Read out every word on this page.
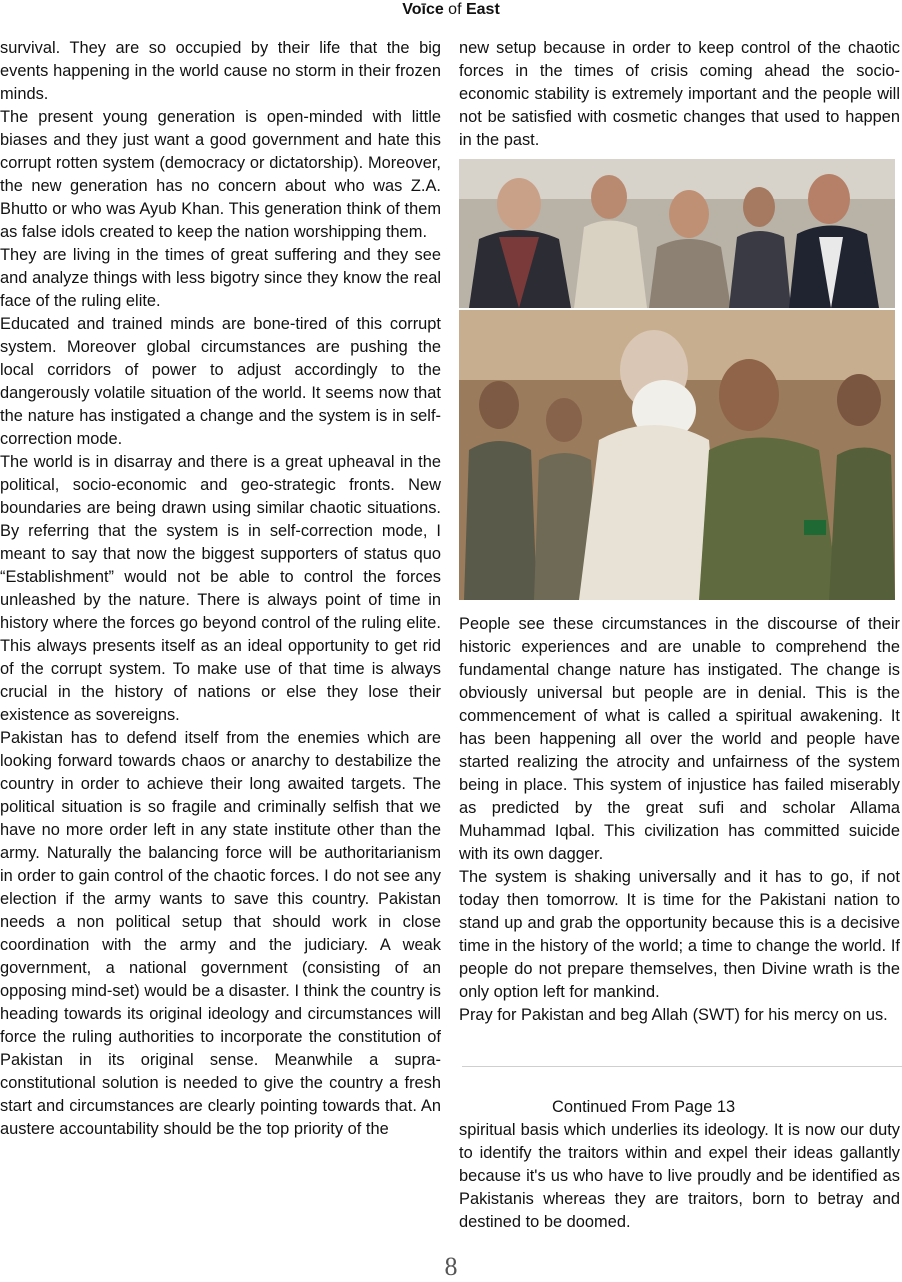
Voīce of East

survival. They are so occupied by their life that the big events happening in the world cause no storm in their frozen minds.

The present young generation is open-minded with little biases and they just want a good government and hate this corrupt rotten system (democracy or dictatorship). Moreover, the new generation has no concern about who was Z.A. Bhutto or who was Ayub Khan. This generation think of them as false idols created to keep the nation worshipping them.

They are living in the times of great suffering and they see and analyze things with less bigotry since they know the real face of the ruling elite.

Educated and trained minds are bone-tired of this corrupt system. Moreover global circumstances are pushing the local corridors of power to adjust accordingly to the dangerously volatile situation of the world. It seems now that the nature has instigated a change and the system is in self-correction mode.

The world is in disarray and there is a great upheaval in the political, socio-economic and geo-strategic fronts. New boundaries are being drawn using similar chaotic situations. By referring that the system is in self-correction mode, I meant to say that now the biggest supporters of status quo “Establishment” would not be able to control the forces unleashed by the nature. There is always point of time in history where the forces go beyond control of the ruling elite. This always presents itself as an ideal opportunity to get rid of the corrupt system. To make use of that time is always crucial in the history of nations or else they lose their existence as sovereigns.

Pakistan has to defend itself from the enemies which are looking forward towards chaos or anarchy to destabilize the country in order to achieve their long awaited targets. The political situation is so fragile and criminally selfish that we have no more order left in any state institute other than the army. Naturally the balancing force will be authoritarianism in order to gain control of the chaotic forces. I do not see any election if the army wants to save this country. Pakistan needs a non political setup that should work in close coordination with the army and the judiciary. A weak government, a national government (consisting of an opposing mind-set) would be a disaster. I think the country is heading towards its original ideology and circumstances will force the ruling authorities to incorporate the constitution of Pakistan in its original sense. Meanwhile a supra-constitutional solution is needed to give the country a fresh start and circumstances are clearly pointing towards that. An austere accountability should be the top priority of the

new setup because in order to keep control of the chaotic forces in the times of crisis coming ahead the socio- economic stability is extremely important and the people will not be satisfied with cosmetic changes that used to happen in the past.

People see these circumstances in the discourse of their historic experiences and are unable to comprehend the fundamental change nature has instigated. The change is obviously universal but people are in denial. This is the commencement of what is called a spiritual awakening. It has been happening all over the world and people have started realizing the atrocity and unfairness of the system being in place. This system of injustice has failed miserably as predicted by the great sufi and scholar Allama Muhammad Iqbal. This civilization has committed suicide with its own dagger.

The system is shaking universally and it has to go, if not today then tomorrow. It is time for the Pakistani nation to stand up and grab the opportunity because this is a decisive time in the history of the world; a time to change the world. If people do not prepare themselves, then Divine wrath is the only option left for mankind.

Pray for Pakistan and beg Allah (SWT) for his mercy on us.

Continued From Page 13

spiritual basis which underlies its ideology. It is now our duty to identify the traitors within and expel their ideas gallantly because it's us who have to live proudly and be identified as Pakistanis whereas they are traitors, born to betray and destined to be doomed.

8
